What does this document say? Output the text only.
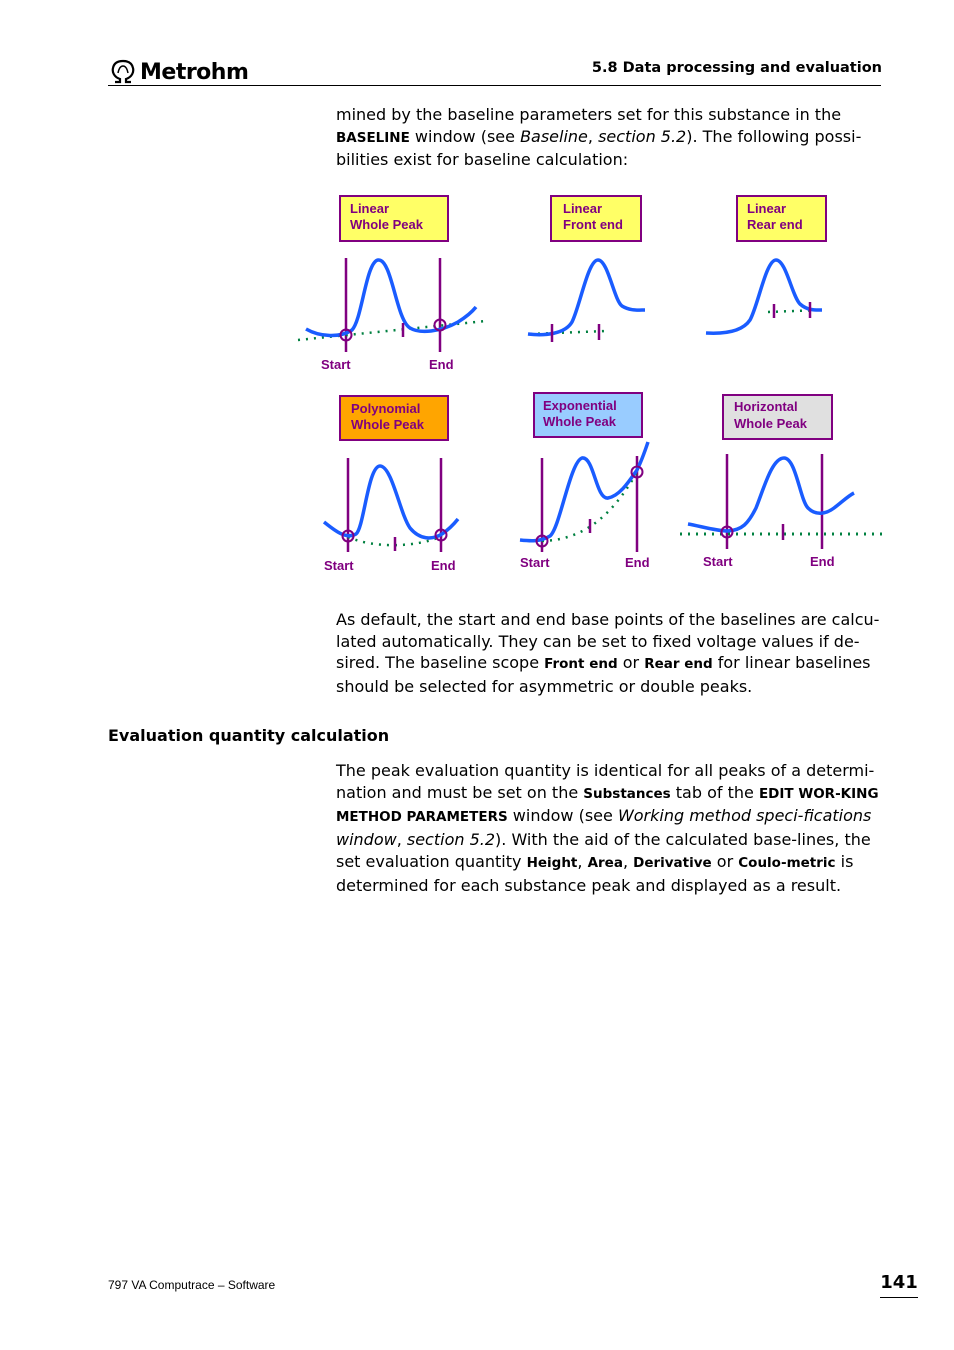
Metrohm	5.8 Data processing and evaluation

mined by the baseline parameters set for this substance in the BASELINE window (see Baseline, section 5.2). The following possi-bilities exist for baseline calculation:

Linear
Whole Peak
Start	End
Linear
Front end
Linear
Rear end
Polynomial
Whole Peak
Start	End
Exponential
Whole Peak
Start	End
Horizontal
Whole Peak
Start	End

As default, the start and end base points of the baselines are calcu-lated automatically. They can be set to fixed voltage values if de-sired. The baseline scope Front end or Rear end for linear baselines should be selected for asymmetric or double peaks.

Evaluation quantity calculation

The peak evaluation quantity is identical for all peaks of a determi-nation and must be set on the Substances tab of the EDIT WOR-KING METHOD PARAMETERS window (see Working method speci-fications window, section 5.2). With the aid of the calculated base-lines, the set evaluation quantity Height, Area, Derivative or Coulo-metric is determined for each substance peak and displayed as a result.

797 VA Computrace – Software	141
